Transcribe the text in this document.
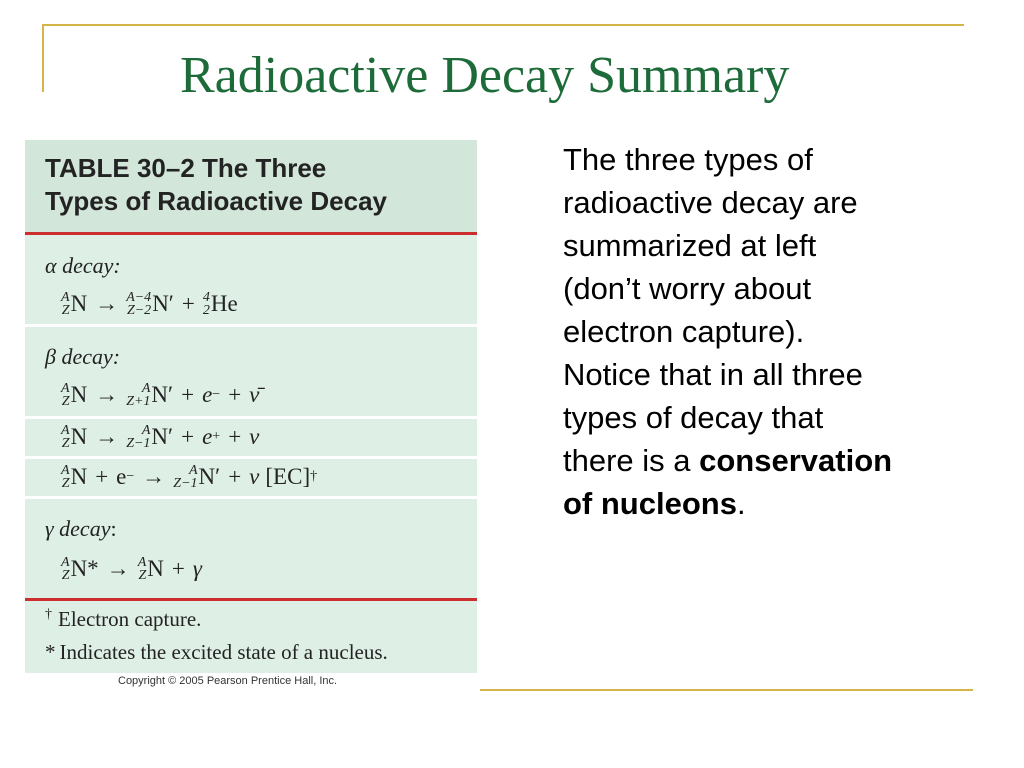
Radioactive Decay Summary
TABLE 30–2 The Three
Types of Radioactive Decay
α decay:
A
Z N → A−4
Z−2 N′ + 4
2 He
β decay:
A
Z N → A
Z+1 N′ + e − + ν̄
A
Z N → A
Z−1 N′ + e + + ν
A
Z N + e − → A
Z−1 N′ + ν [EC] †
γ decay:
A
Z N* → A
Z N + γ
† Electron capture.
* Indicates the excited state of a nucleus.
Copyright © 2005 Pearson Prentice Hall, Inc.
The three types of
radioactive decay are
summarized at left
(don’t worry about
electron capture).
Notice that in all three
types of decay that
there is a conservation
of nucleons.
